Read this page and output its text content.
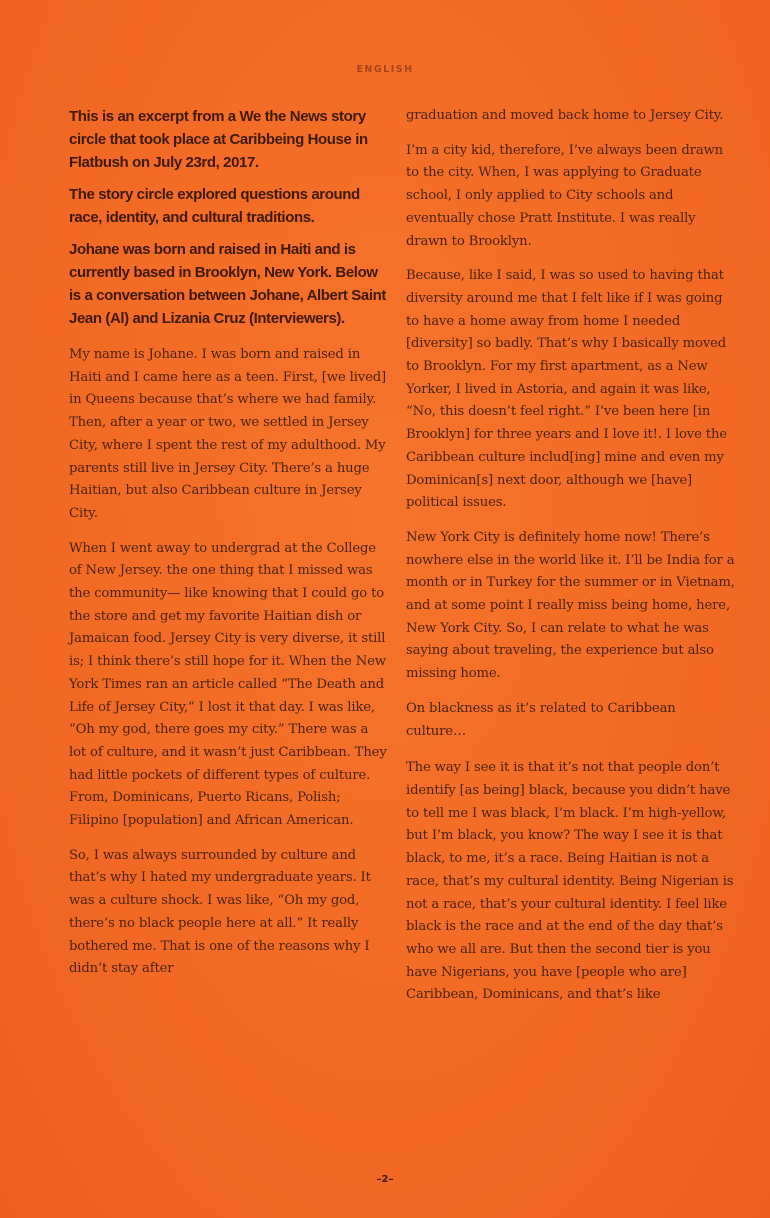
ENGLISH

This is an excerpt from a We the News story circle that took place at Caribbeing House in Flatbush on July 23rd, 2017.

The story circle explored questions around race, identity, and cultural traditions.

Johane was born and raised in Haiti and is currently based in Brooklyn, New York. Below is a conversation between Johane, Albert Saint Jean (Al) and Lizania Cruz (Interviewers).

My name is Johane. I was born and raised in Haiti and I came here as a teen. First, [we lived] in Queens because that’s where we had family. Then, after a year or two, we settled in Jersey City, where I spent the rest of my adulthood. My parents still live in Jersey City. There’s a huge Haitian, but also Caribbean culture in Jersey City.

When I went away to undergrad at the College of New Jersey. the one thing that I missed was the community— like knowing that I could go to the store and get my favorite Haitian dish or Jamaican food. Jersey City is very diverse, it still is; I think there’s still hope for it. When the New York Times ran an article called “The Death and Life of Jersey City,” I lost it that day. I was like, “Oh my god, there goes my city.” There was a lot of culture, and it wasn’t just Caribbean. They had little pockets of different types of culture. From, Dominicans, Puerto Ricans, Polish; Filipino [population] and African American.

So, I was always surrounded by culture and that’s why I hated my undergraduate years. It was a culture shock. I was like, “Oh my god, there’s no black people here at all.” It really bothered me. That is one of the reasons why I didn’t stay after

graduation and moved back home to Jersey City.

I’m a city kid, therefore, I’ve always been drawn to the city. When, I was applying to Graduate school, I only applied to City schools and eventually chose Pratt Institute. I was really drawn to Brooklyn.

Because, like I said, I was so used to having that diversity around me that I felt like if I was going to have a home away from home I needed [diversity] so badly. That’s why I basically moved to Brooklyn. For my first apartment, as a New Yorker, I lived in Astoria, and again it was like, “No, this doesn’t feel right.” I’ve been here [in Brooklyn] for three years and I love it!. I love the Caribbean culture includ[ing] mine and even my Dominican[s] next door, although we [have] political issues.

New York City is definitely home now! There’s nowhere else in the world like it. I’ll be India for a month or in Turkey for the summer or in Vietnam, and at some point I really miss being home, here, New York City. So, I can relate to what he was saying about traveling, the experience but also missing home.

On blackness as it’s related to Caribbean culture…

The way I see it is that it’s not that people don’t identify [as being] black, because you didn’t have to tell me I was black, I’m black. I’m high-yellow, but I’m black, you know? The way I see it is that black, to me, it’s a race. Being Haitian is not a race, that’s my cultural identity. Being Nigerian is not a race, that’s your cultural identity. I feel like black is the race and at the end of the day that’s who we all are. But then the second tier is you have Nigerians, you have [people who are] Caribbean, Dominicans, and that’s like

–2–
